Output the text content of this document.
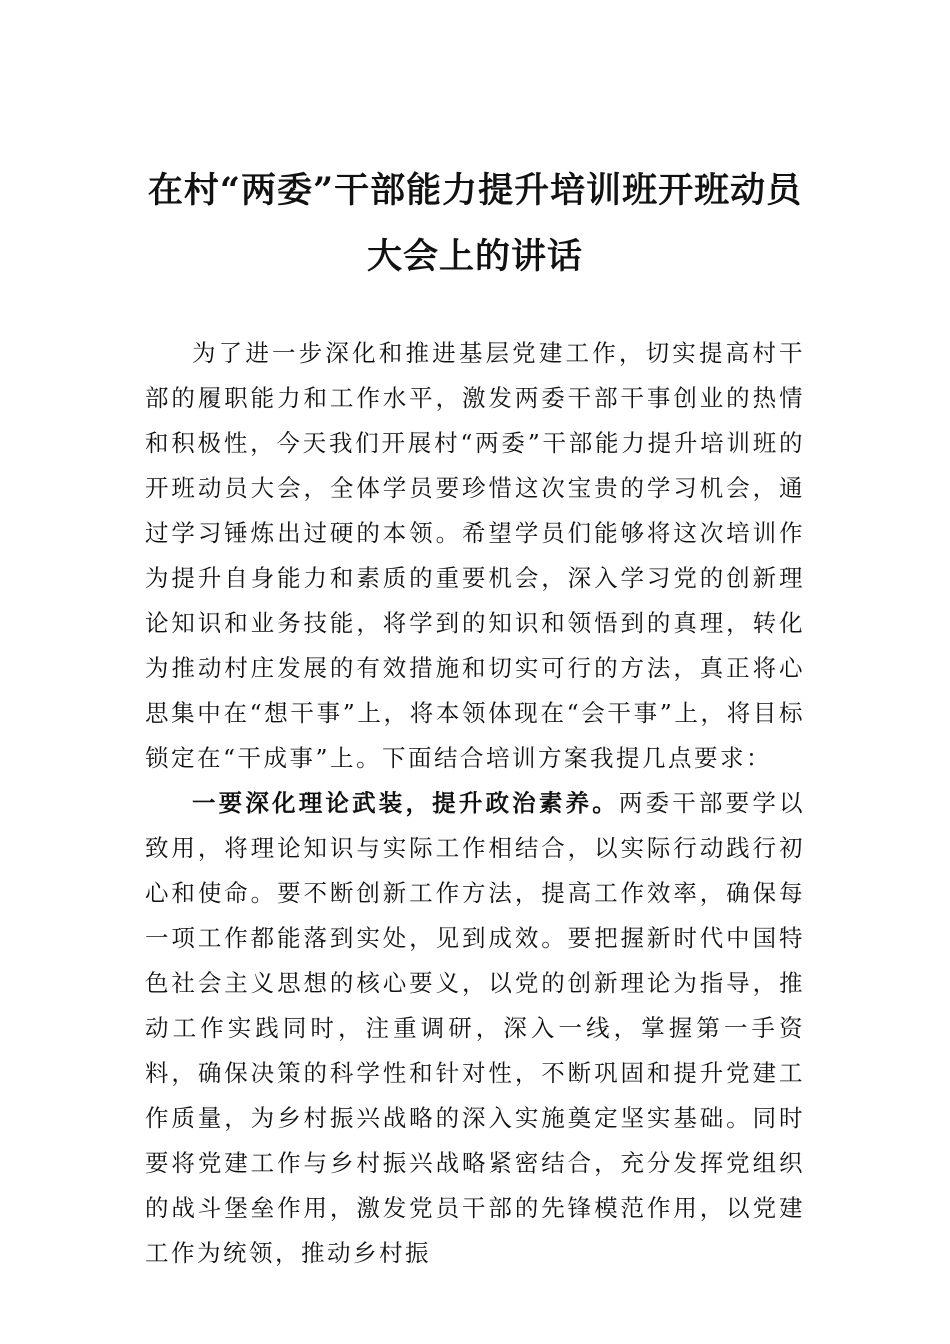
在村“两委”干部能力提升培训班开班动员大会上的讲话

为了进一步深化和推进基层党建工作，切实提高村干部的履职能力和工作水平，激发两委干部干事创业的热情和积极性，今天我们开展村“两委”干部能力提升培训班的开班动员大会，全体学员要珍惜这次宝贵的学习机会，通过学习锤炼出过硬的本领。希望学员们能够将这次培训作为提升自身能力和素质的重要机会，深入学习党的创新理论知识和业务技能，将学到的知识和领悟到的真理，转化为推动村庄发展的有效措施和切实可行的方法，真正将心思集中在“想干事”上，将本领体现在“会干事”上，将目标锁定在“干成事”上。下面结合培训方案我提几点要求：

一要深化理论武装，提升政治素养。两委干部要学以致用，将理论知识与实际工作相结合，以实际行动践行初心和使命。要不断创新工作方法，提高工作效率，确保每一项工作都能落到实处，见到成效。要把握新时代中国特色社会主义思想的核心要义，以党的创新理论为指导，推动工作实践同时，注重调研，深入一线，掌握第一手资料，确保决策的科学性和针对性，不断巩固和提升党建工作质量，为乡村振兴战略的深入实施奠定坚实基础。同时要将党建工作与乡村振兴战略紧密结合，充分发挥党组织的战斗堡垒作用，激发党员干部的先锋模范作用，以党建工作为统领，推动乡村振
